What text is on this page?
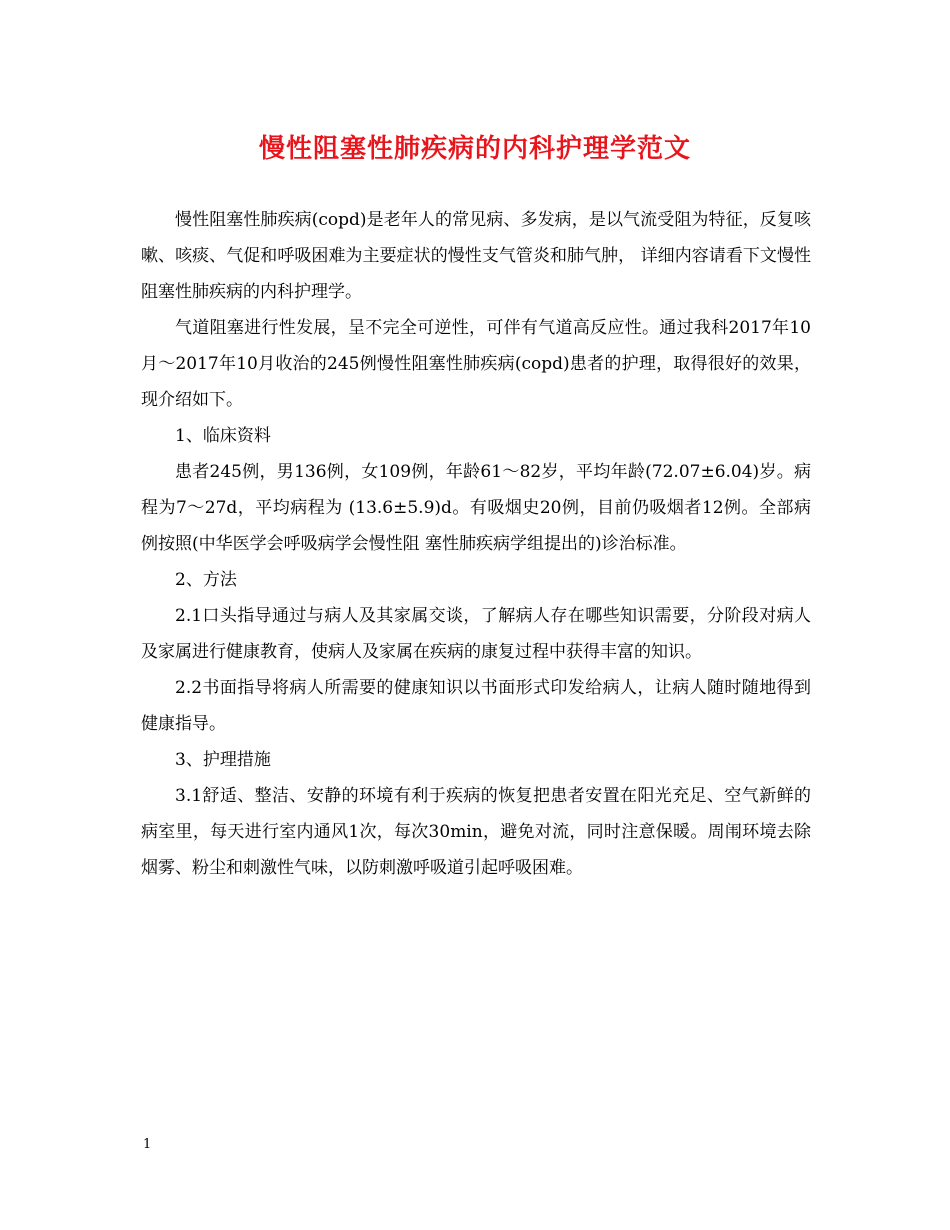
慢性阻塞性肺疾病的内科护理学范文

慢性阻塞性肺疾病(copd)是老年人的常见病、多发病，是以气流受阻为特征，反复咳嗽、咳痰、气促和呼吸困难为主要症状的慢性支气管炎和肺气肿， 详细内容请看下文慢性阻塞性肺疾病的内科护理学。

气道阻塞进行性发展，呈不完全可逆性，可伴有气道高反应性。通过我科2017年10月～2017年10月收治的245例慢性阻塞性肺疾病(copd)患者的护理，取得很好的效果，现介绍如下。

1、临床资料

患者245例，男136例，女109例，年龄61～82岁，平均年龄(72.07±6.04)岁。病程为7～27d，平均病程为 (13.6±5.9)d。有吸烟史20例，目前仍吸烟者12例。全部病例按照(中华医学会呼吸病学会慢性阻 塞性肺疾病学组提出的)诊治标准。

2、方法

2.1口头指导通过与病人及其家属交谈，了解病人存在哪些知识需要，分阶段对病人及家属进行健康教育，使病人及家属在疾病的康复过程中获得丰富的知识。

2.2书面指导将病人所需要的健康知识以书面形式印发给病人，让病人随时随地得到健康指导。

3、护理措施

3.1舒适、整洁、安静的环境有利于疾病的恢复把患者安置在阳光充足、空气新鲜的病室里，每天进行室内通风1次，每次30min，避免对流，同时注意保暖。周闱环境去除烟雾、粉尘和刺激性气味，以防刺激呼吸道引起呼吸困难。

1
